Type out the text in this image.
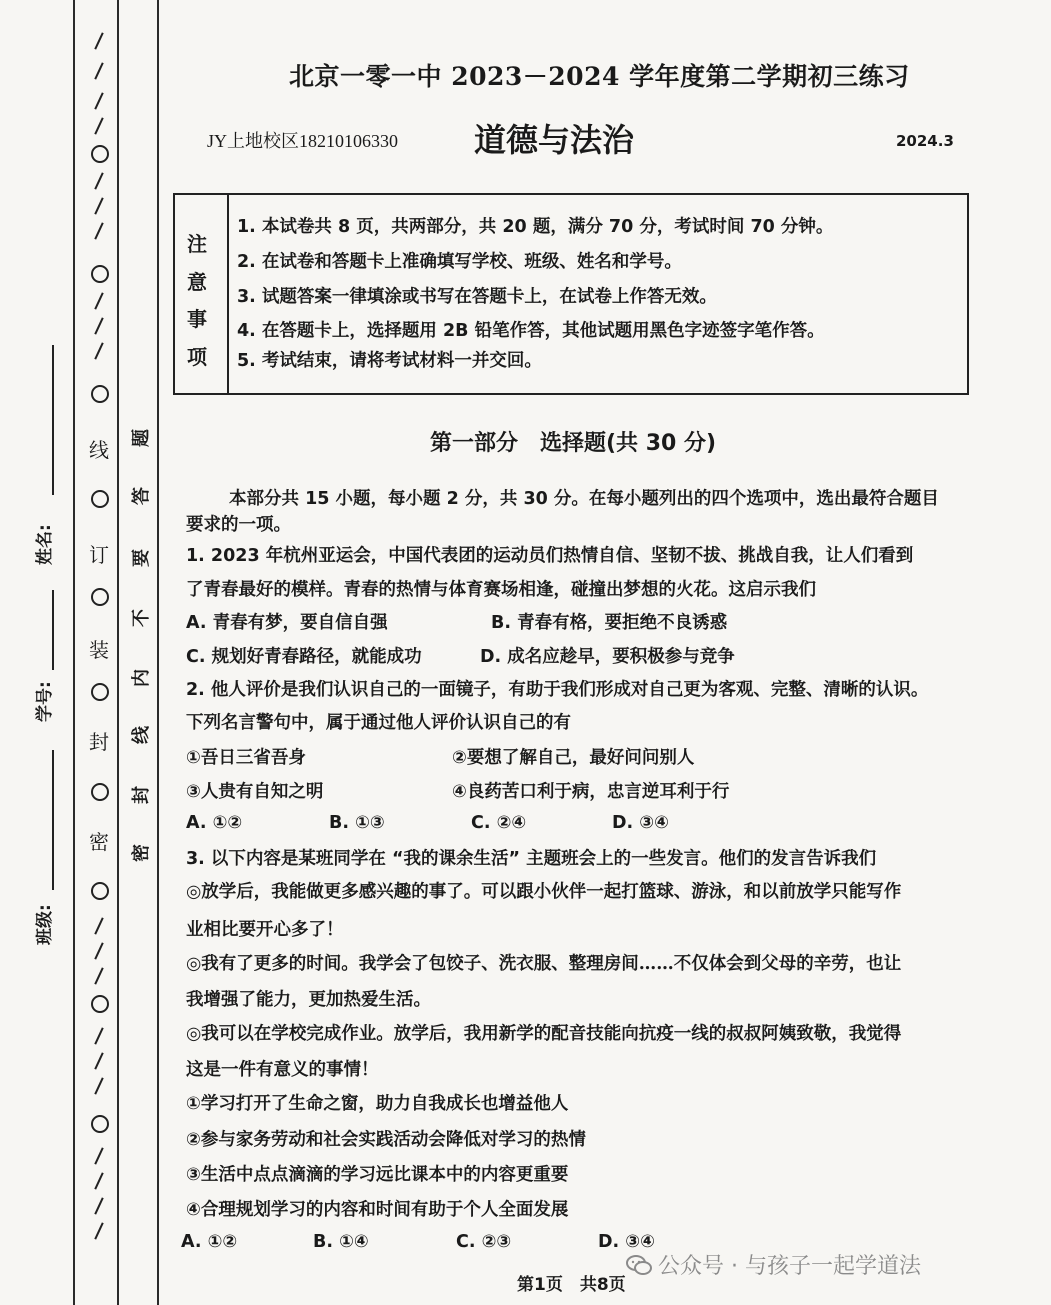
线
订
装
封
密
题
答
要
不
内
线
封
密
姓名:
学号:
班级:
北京一零一中 2023－2024 学年度第二学期初三练习
JY上地校区18210106330 道德与法治	2024.3
注
意
事
项
1. 本试卷共 8 页，共两部分，共 20 题，满分 70 分，考试时间 70 分钟。
2. 在试卷和答题卡上准确填写学校、班级、姓名和学号。
3. 试题答案一律填涂或书写在答题卡上，在试卷上作答无效。
4. 在答题卡上，选择题用 2B 铅笔作答，其他试题用黑色字迹签字笔作答。
5. 考试结束，请将考试材料一并交回。
第一部分　选择题(共 30 分)
本部分共 15 小题，每小题 2 分，共 30 分。在每小题列出的四个选项中，选出最符合题目
要求的一项。
1. 2023 年杭州亚运会，中国代表团的运动员们热情自信、坚韧不拔、挑战自我，让人们看到
了青春最好的模样。青春的热情与体育赛场相逢，碰撞出梦想的火花。这启示我们
A. 青春有梦，要自信自强	B. 青春有格，要拒绝不良诱惑
C. 规划好青春路径，就能成功	D. 成名应趁早，要积极参与竞争
2. 他人评价是我们认识自己的一面镜子，有助于我们形成对自己更为客观、完整、清晰的认识。
下列名言警句中，属于通过他人评价认识自己的有
①吾日三省吾身	②要想了解自己，最好问问别人
③人贵有自知之明	④良药苦口利于病，忠言逆耳利于行
A. ①②	B. ①③	C. ②④	D. ③④
3. 以下内容是某班同学在 “我的课余生活” 主题班会上的一些发言。他们的发言告诉我们
◎放学后，我能做更多感兴趣的事了。可以跟小伙伴一起打篮球、游泳，和以前放学只能写作
业相比要开心多了！
◎我有了更多的时间。我学会了包饺子、洗衣服、整理房间……不仅体会到父母的辛劳，也让
我增强了能力，更加热爱生活。
◎我可以在学校完成作业。放学后，我用新学的配音技能向抗疫一线的叔叔阿姨致敬，我觉得
这是一件有意义的事情！
①学习打开了生命之窗，助力自我成长也增益他人
②参与家务劳动和社会实践活动会降低对学习的热情
③生活中点点滴滴的学习远比课本中的内容更重要
④合理规划学习的内容和时间有助于个人全面发展
A. ①②	B. ①④	C. ②③	D. ③④
公众号 · 与孩子一起学道法
第1页　共8页
